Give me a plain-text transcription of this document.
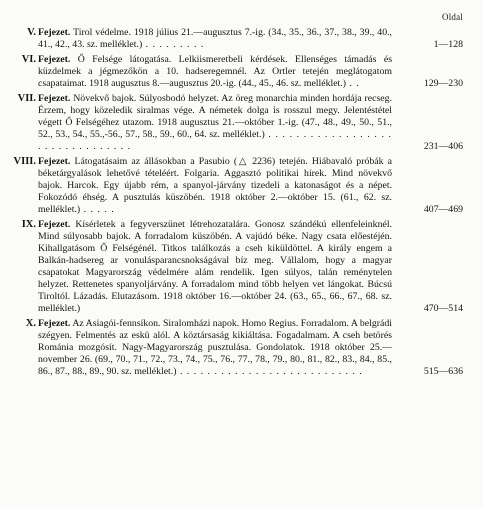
Oldal
V. Fejezet. Tirol védelme. 1918 július 21.—augusztus 7.-ig. (34., 35., 36., 37., 38., 39., 40., 41., 42., 43. sz. melléklet.) . . . . . . . . .	1—128
VI. Fejezet. Ő Felsége látogatása. Lelkiismeretbeli kérdések. Ellenséges támadás és küzdelmek a jégmezőkön a 10. hadseregemnél. Az Ortler tetején meglátogatom csapataimat. 1918 augusztus 8.—augusztus 20.-ig. (44., 45., 46. sz. melléklet.) . .	129—230
VII. Fejezet. Növekvő bajok. Súlyosbodó helyzet. Az öreg monarchia minden hordája recseg. Érzem, hogy közeledik siralmas vége. A németek dolga is rosszul megy. Jelentéstétel végett Ő Felségéhez utazom. 1918 augusztus 21.—október 1.-ig. (47., 48., 49., 50., 51., 52., 53., 54., 55.,-56., 57., 58., 59., 60., 64. sz. melléklet.) . . . . . . . . . . . . . . . . . . . . . . . . . . . . . . . .	231—406
VIII. Fejezet. Látogatásaim az állásokban a Pasubio (△ 2236) tetején. Hiábavaló próbák a béketárgyalások lehetővé tételéért. Folgaria. Aggasztó politikai hírek. Mind növekvő bajok. Harcok. Egy újabb rém, a spanyol-járvány tizedeli a katonaságot és a népet. Fokozódó éhség. A pusztulás küszöbén. 1918 október 2.—október 15. (61., 62. sz. melléklet.) . . . . .	407—469
IX. Fejezet. Kísérletek a fegyverszünet létrehozatalára. Gonosz szándékú ellenfeleinknél. Mind súlyosabb bajok. A forradalom küszöbén. A vajúdó béke. Nagy csata előestéjén. Kihallgatásom Ő Felségénél. Titkos találkozás a cseh kiküldöttel. A király engem a Balkán-hadsereg ar vonulásparancsnokságával bíz meg. Vállalom, hogy a magyar csapatokat Magyarország védelmére alám rendelik. Igen súlyos, talán reménytelen helyzet. Rettenetes spanyoljárvány. A forradalom mind több helyen vet lángokat. Búcsú Tiroltól. Lázadás. Elutazásom. 1918 október 16.—október 24. (63., 65., 66., 67., 68. sz. melléklet.)	470—514
X. Fejezet. Az Asiagói-fennsíkon. Siralomházi napok. Homo Regius. Forradalom. A belgrádi szégyen. Felmentés az eskü alól. A köztársaság kikiáltása. Fogadalmam. A cseh betörés Románia mozgósít. Nagy-Magyarország pusztulása. Gondolatok. 1918 október 25.—november 26. (69., 70., 71., 72., 73., 74., 75., 76., 77., 78., 79., 80., 81., 82., 83., 84., 85., 86., 87., 88., 89., 90. sz. melléklet.) . . . . . . . . . . . . . . . . . . . . . . . . . . .	515—636
